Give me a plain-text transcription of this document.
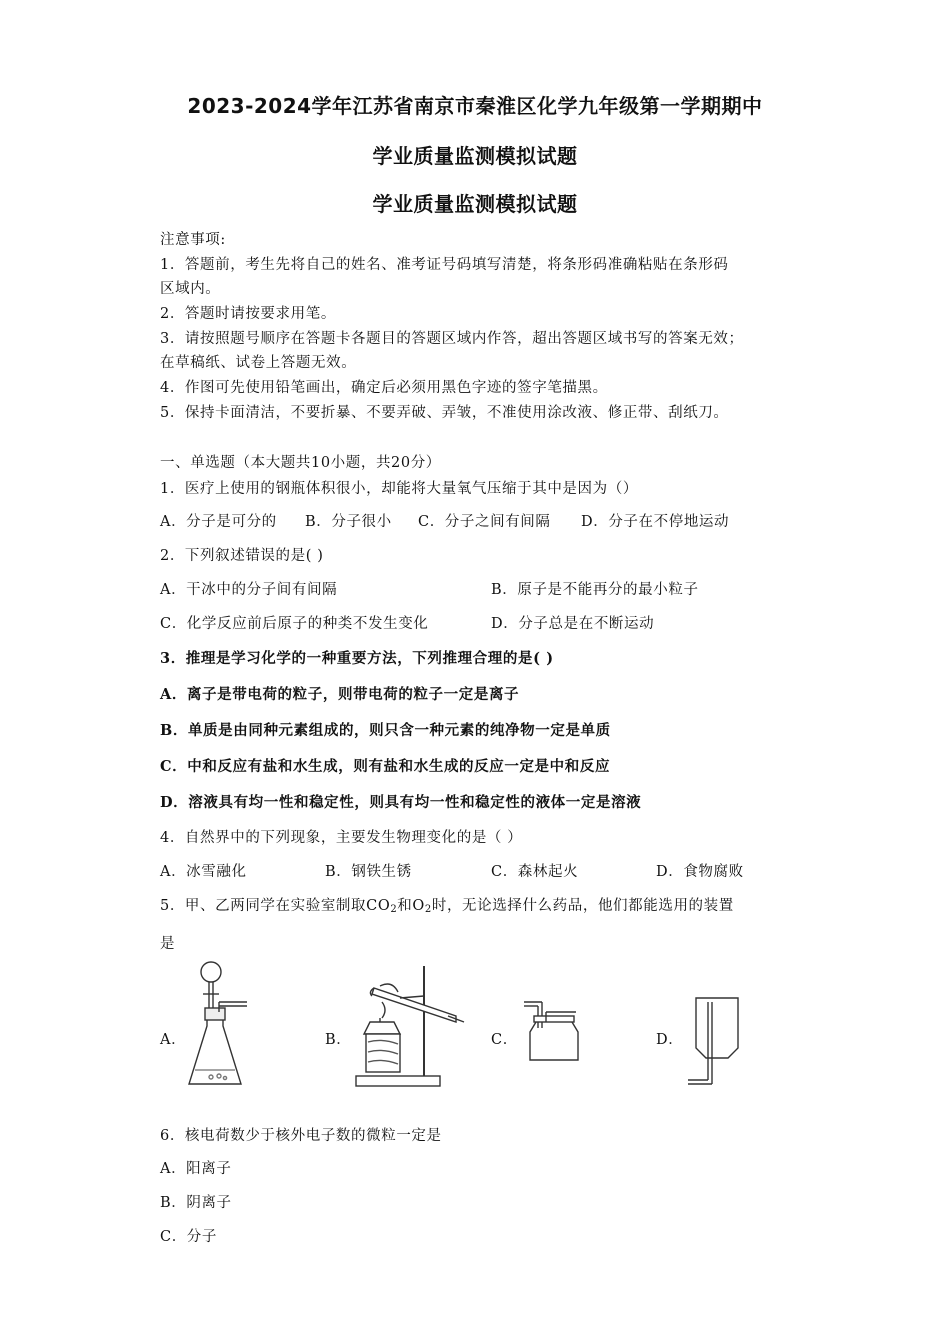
2023-2024学年江苏省南京市秦淮区化学九年级第一学期期中
学业质量监测模拟试题
学业质量监测模拟试题
注意事项:
1．答题前，考生先将自己的姓名、准考证号码填写清楚，将条形码准确粘贴在条形码
区域内。
2．答题时请按要求用笔。
3．请按照题号顺序在答题卡各题目的答题区域内作答，超出答题区域书写的答案无效；
在草稿纸、试卷上答题无效。
4．作图可先使用铅笔画出，确定后必须用黑色字迹的签字笔描黑。
5．保持卡面清洁，不要折暴、不要弄破、弄皱，不准使用涂改液、修正带、刮纸刀。
一、单选题（本大题共10小题，共20分）
1．医疗上使用的钢瓶体积很小，却能将大量氧气压缩于其中是因为（）
A．分子是可分的 B．分子很小 C．分子之间有间隔 D．分子在不停地运动
2．下列叙述错误的是( )
A．干冰中的分子间有间隔	B．原子是不能再分的最小粒子
C．化学反应前后原子的种类不发生变化	D．分子总是在不断运动
3．推理是学习化学的一种重要方法，下列推理合理的是( )
A．离子是带电荷的粒子，则带电荷的粒子一定是离子
B．单质是由同种元素组成的，则只含一种元素的纯净物一定是单质
C．中和反应有盐和水生成，则有盐和水生成的反应一定是中和反应
D．溶液具有均一性和稳定性，则具有均一性和稳定性的液体一定是溶液
4．自然界中的下列现象，主要发生物理变化的是（ ）
A．冰雪融化	B．钢铁生锈	C．森林起火	D．食物腐败
5．甲、乙两同学在实验室制取$CO_2$和$O_2$时，无论选择什么药品，他们都能选用的装置
是
A．	B．	C．	D．
6．核电荷数少于核外电子数的微粒一定是
A．阳离子
B．阴离子
C．分子
